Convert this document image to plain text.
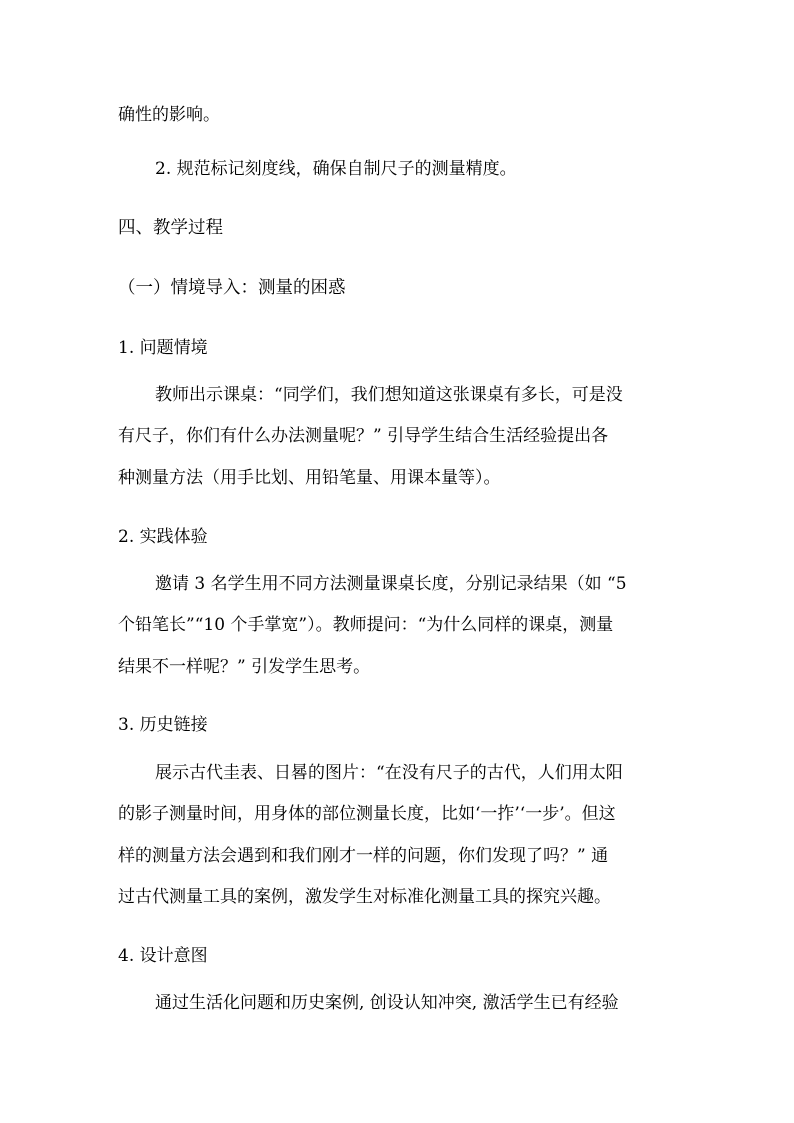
确性的影响。
2. 规范标记刻度线，确保自制尺子的测量精度。
四、教学过程
（一）情境导入：测量的困惑
1. 问题情境
教师出示课桌：“同学们，我们想知道这张课桌有多长，可是没
有尺子，你们有什么办法测量呢？” 引导学生结合生活经验提出各
种测量方法（用手比划、用铅笔量、用课本量等）。
2. 实践体验
邀请 3 名学生用不同方法测量课桌长度，分别记录结果（如 “5
个铅笔长”“10 个手掌宽”）。教师提问：“为什么同样的课桌，测量
结果不一样呢？” 引发学生思考。
3. 历史链接
展示古代圭表、日晷的图片：“在没有尺子的古代，人们用太阳
的影子测量时间，用身体的部位测量长度，比如‘一拃’‘一步’。但这
样的测量方法会遇到和我们刚才一样的问题，你们发现了吗？” 通
过古代测量工具的案例，激发学生对标准化测量工具的探究兴趣。
4. 设计意图
通过生活化问题和历史案例, 创设认知冲突, 激活学生已有经验
